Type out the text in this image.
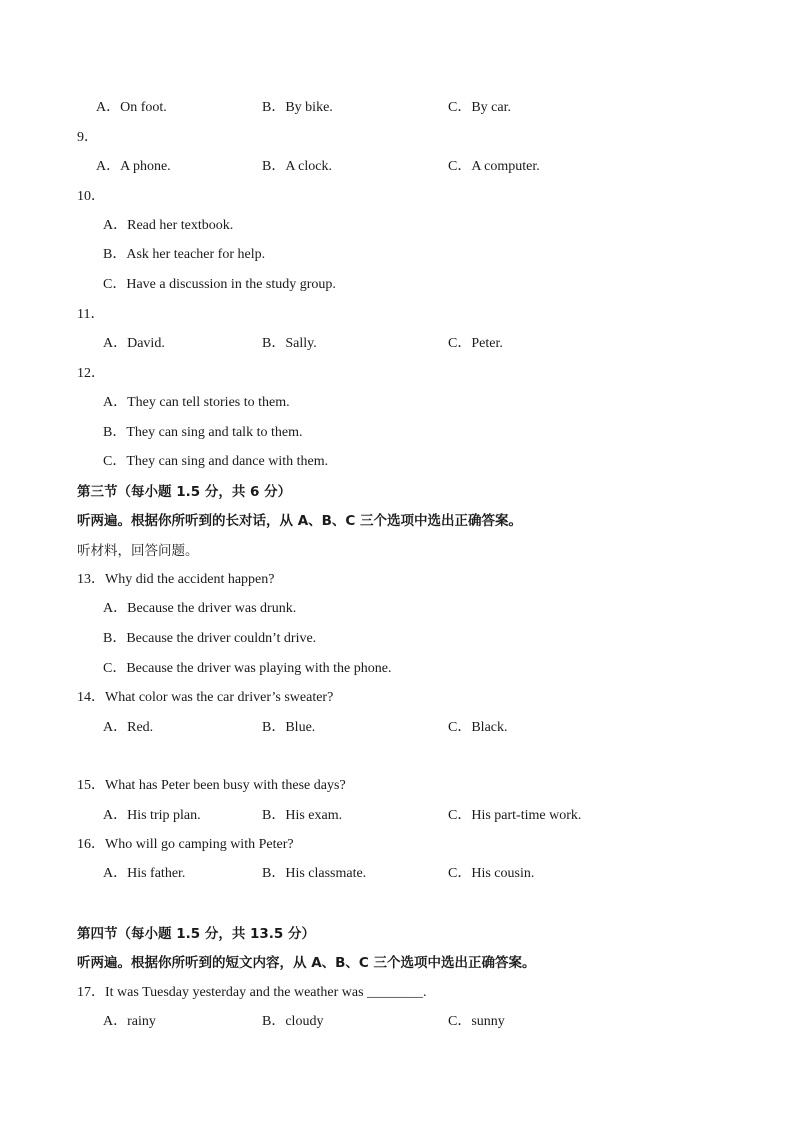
A．On foot.	B．By bike.	C．By car.
9．
A．A phone.	B．A clock.	C．A computer.
10．
A．Read her textbook.
B．Ask her teacher for help.
C．Have a discussion in the study group.
11．
A．David.	B．Sally.	C．Peter.
12．
A．They can tell stories to them.
B．They can sing and talk to them.
C．They can sing and dance with them.
第三节（每小题 1.5 分，共 6 分）
听两遍。根据你所听到的长对话，从 A、B、C 三个选项中选出正确答案。
听材料，回答问题。
13．Why did the accident happen?
A．Because the driver was drunk.
B．Because the driver couldn’t drive.
C．Because the driver was playing with the phone.
14．What color was the car driver’s sweater?
A．Red.	B．Blue.	C．Black.
15．What has Peter been busy with these days?
A．His trip plan.	B．His exam.	C．His part-time work.
16．Who will go camping with Peter?
A．His father.	B．His classmate.	C．His cousin.
第四节（每小题 1.5 分，共 13.5 分）
听两遍。根据你所听到的短文内容，从 A、B、C 三个选项中选出正确答案。
17．It was Tuesday yesterday and the weather was ________.
A．rainy	B．cloudy	C．sunny
